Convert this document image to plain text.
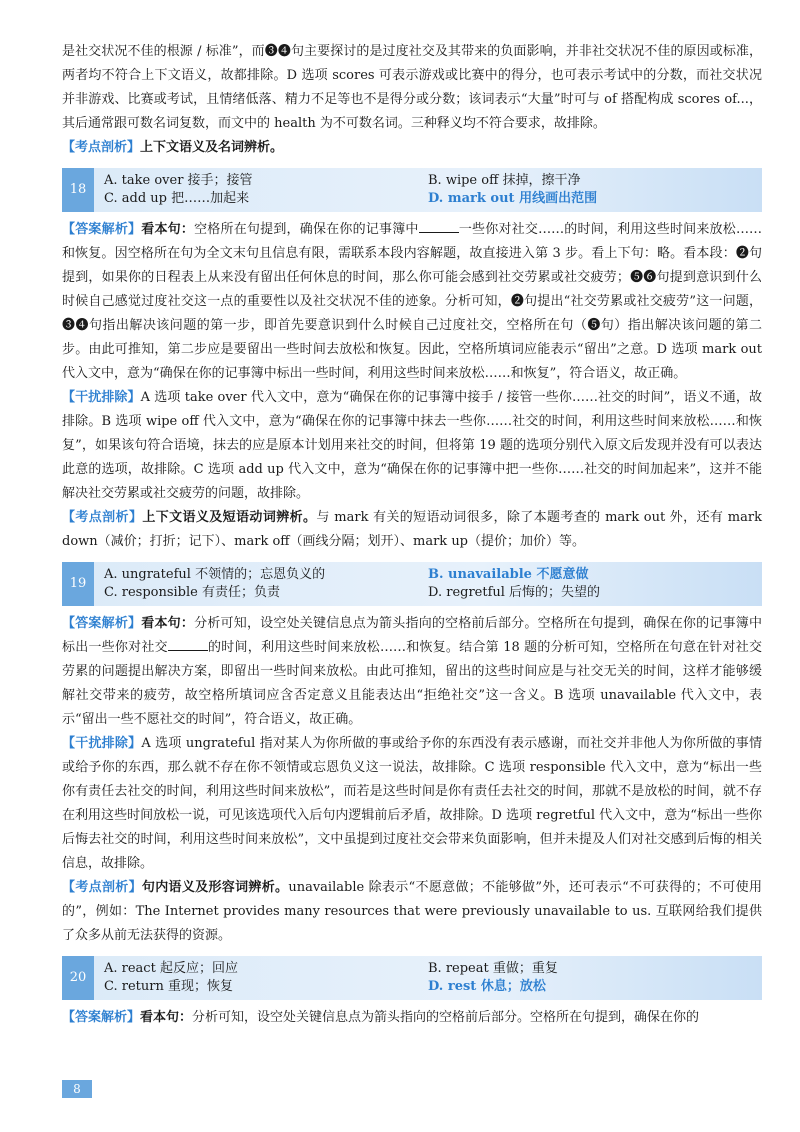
是社交状况不佳的根源 / 标准”，而❸❹句主要探讨的是过度社交及其带来的负面影响，并非社交状况不佳的原因或标准，两者均不符合上下文语义，故都排除。D 选项 scores 可表示游戏或比赛中的得分，也可表示考试中的分数，而社交状况并非游戏、比赛或考试，且情绪低落、精力不足等也不是得分或分数；该词表示“大量”时可与 of 搭配构成 scores of...，其后通常跟可数名词复数，而文中的 health 为不可数名词。三种释义均不符合要求，故排除。

【考点剖析】上下文语义及名词辨析。

18
A. take over 接手；接管	B. wipe off 抹掉，擦干净
C. add up 把……加起来	D. mark out 用线画出范围

【答案解析】看本句：空格所在句提到，确保在你的记事簿中	一些你对社交……的时间，利用这些时间来放松……和恢复。因空格所在句为全文末句且信息有限，需联系本段内容解题，故直接进入第 3 步。看上下句：略。看本段：❷句提到，如果你的日程表上从来没有留出任何休息的时间，那么你可能会感到社交劳累或社交疲劳；❺❻句提到意识到什么时候自己感觉过度社交这一点的重要性以及社交状况不佳的迹象。分析可知，❷句提出“社交劳累或社交疲劳”这一问题，❸❹句指出解决该问题的第一步，即首先要意识到什么时候自己过度社交，空格所在句（❺句）指出解决该问题的第二步。由此可推知，第二步应是要留出一些时间去放松和恢复。因此，空格所填词应能表示“留出”之意。D 选项 mark out 代入文中，意为“确保在你的记事簿中标出一些时间，利用这些时间来放松……和恢复”，符合语义，故正确。

【干扰排除】A 选项 take over 代入文中，意为“确保在你的记事簿中接手 / 接管一些你……社交的时间”，语义不通，故排除。B 选项 wipe off 代入文中，意为“确保在你的记事簿中抹去一些你……社交的时间，利用这些时间来放松……和恢复”，如果该句符合语境，抹去的应是原本计划用来社交的时间，但将第 19 题的选项分别代入原文后发现并没有可以表达此意的选项，故排除。C 选项 add up 代入文中，意为“确保在你的记事簿中把一些你……社交的时间加起来”，这并不能解决社交劳累或社交疲劳的问题，故排除。

【考点剖析】上下文语义及短语动词辨析。与 mark 有关的短语动词很多，除了本题考查的 mark out 外，还有 mark down（减价；打折；记下）、mark off（画线分隔；划开）、mark up（提价；加价）等。

19
A. ungrateful 不领情的；忘恩负义的	B. unavailable 不愿意做
C. responsible 有责任；负责	D. regretful 后悔的；失望的

【答案解析】看本句：分析可知，设空处关键信息点为箭头指向的空格前后部分。空格所在句提到，确保在你的记事簿中标出一些你对社交	的时间，利用这些时间来放松……和恢复。结合第 18 题的分析可知，空格所在句意在针对社交劳累的问题提出解决方案，即留出一些时间来放松。由此可推知，留出的这些时间应是与社交无关的时间，这样才能够缓解社交带来的疲劳，故空格所填词应含否定意义且能表达出“拒绝社交”这一含义。B 选项 unavailable 代入文中，表示“留出一些不愿社交的时间”，符合语义，故正确。

【干扰排除】A 选项 ungrateful 指对某人为你所做的事或给予你的东西没有表示感谢，而社交并非他人为你所做的事情或给予你的东西，那么就不存在你不领情或忘恩负义这一说法，故排除。C 选项 responsible 代入文中，意为“标出一些你有责任去社交的时间，利用这些时间来放松”，而若是这些时间是你有责任去社交的时间，那就不是放松的时间，就不存在利用这些时间放松一说，可见该选项代入后句内逻辑前后矛盾，故排除。D 选项 regretful 代入文中，意为“标出一些你后悔去社交的时间，利用这些时间来放松”，文中虽提到过度社交会带来负面影响，但并未提及人们对社交感到后悔的相关信息，故排除。

【考点剖析】句内语义及形容词辨析。unavailable 除表示“不愿意做；不能够做”外，还可表示“不可获得的；不可使用的”，例如：The Internet provides many resources that were previously unavailable to us. 互联网给我们提供了众多从前无法获得的资源。

20
A. react 起反应；回应	B. repeat 重做；重复
C. return 重现；恢复	D. rest 休息；放松

【答案解析】看本句：分析可知，设空处关键信息点为箭头指向的空格前后部分。空格所在句提到，确保在你的

8
